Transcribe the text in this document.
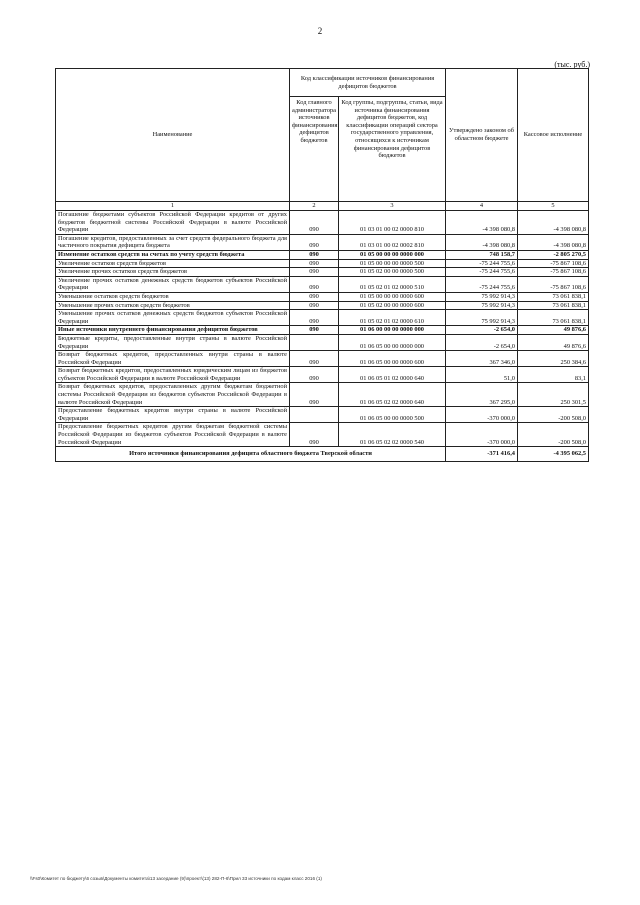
2
(тыс. руб.)
Наименование	Код классификации источников финансирования дефицитов бюджетов		Утверждено законом об областном бюджете	Кассовое исполнение
	Код главного администратора источников финансирования дефицитов бюджетов	Код группы, подгруппы, статьи, вида источника финансирования дефицитов бюджетов, код классификации операций сектора государственного управления, относящихся к источникам финансирования дефицитов бюджетов		
1	2	3	4	5
Погашение бюджетами субъектов Российской Федерации кредитов от других бюджетов бюджетной системы Российской Федерации в валюте Российской Федерации	090	01 03 01 00 02 0000 810	-4 398 080,8	-4 398 080,8
Погашение кредитов, предоставленных за счет средств федерального бюджета для частичного покрытия дефицита бюджета	090	01 03 01 00 02 0002 810	-4 398 080,8	-4 398 080,8
Изменение остатков средств на счетах по учету средств бюджета	090	01 05 00 00 00 0000 000	748 158,7	-2 805 270,5
Увеличение остатков средств бюджетов	090	01 05 00 00 00 0000 500	-75 244 755,6	-75 867 108,6
Увеличение прочих остатков средств бюджетов	090	01 05 02 00 00 0000 500	-75 244 755,6	-75 867 108,6
Увеличение прочих остатков денежных средств бюджетов субъектов Российской Федерации	090	01 05 02 01 02 0000 510	-75 244 755,6	-75 867 108,6
Уменьшение остатков средств бюджетов	090	01 05 00 00 00 0000 600	75 992 914,3	73 061 838,1
Уменьшение прочих остатков средств бюджетов	090	01 05 02 00 00 0000 600	75 992 914,3	73 061 838,1
Уменьшение прочих остатков денежных средств бюджетов субъектов Российской Федерации	090	01 05 02 01 02 0000 610	75 992 914,3	73 061 838,1
Иные источники внутреннего финансирования дефицитов бюджетов	090	01 06 00 00 00 0000 000	-2 654,0	49 876,6
Бюджетные кредиты, предоставленные внутри страны в валюте Российской Федерации		01 06 05 00 00 0000 000	-2 654,0	49 876,6
Возврат бюджетных кредитов, предоставленных внутри страны в валюте Российской Федерации	090	01 06 05 00 00 0000 600	367 346,0	250 384,6
Возврат бюджетных кредитов, предоставленных юридическим лицам из бюджетов субъектов Российской Федерации в валюте Российской Федерации	090	01 06 05 01 02 0000 640	51,0	83,1
Возврат бюджетных кредитов, предоставленных другим бюджетам бюджетной системы Российской Федерации из бюджетов субъектов Российской Федерации в валюте Российской Федерации	090	01 06 05 02 02 0000 640	367 295,0	250 301,5
Предоставление бюджетных кредитов внутри страны в валюте Российской Федерации		01 06 05 00 00 0000 500	-370 000,0	-200 508,0
Предоставление бюджетных кредитов другим бюджетам бюджетной системы Российской Федерации из бюджетов субъектов Российской Федерации в валюте Российской Федерации	090	01 06 05 02 02 0000 540	-370 000,0	-200 508,0
Итого источники финансирования дефицита областного бюджета Тверской области			-371 416,4	-4 395 062,5
\\Fs0\Комитет по бюджету\6 созыв\Документы комитета\13 заседание (9)\проект\(13) 282-П-6\Прил 33 источники по кодам класс 2016 (1)
